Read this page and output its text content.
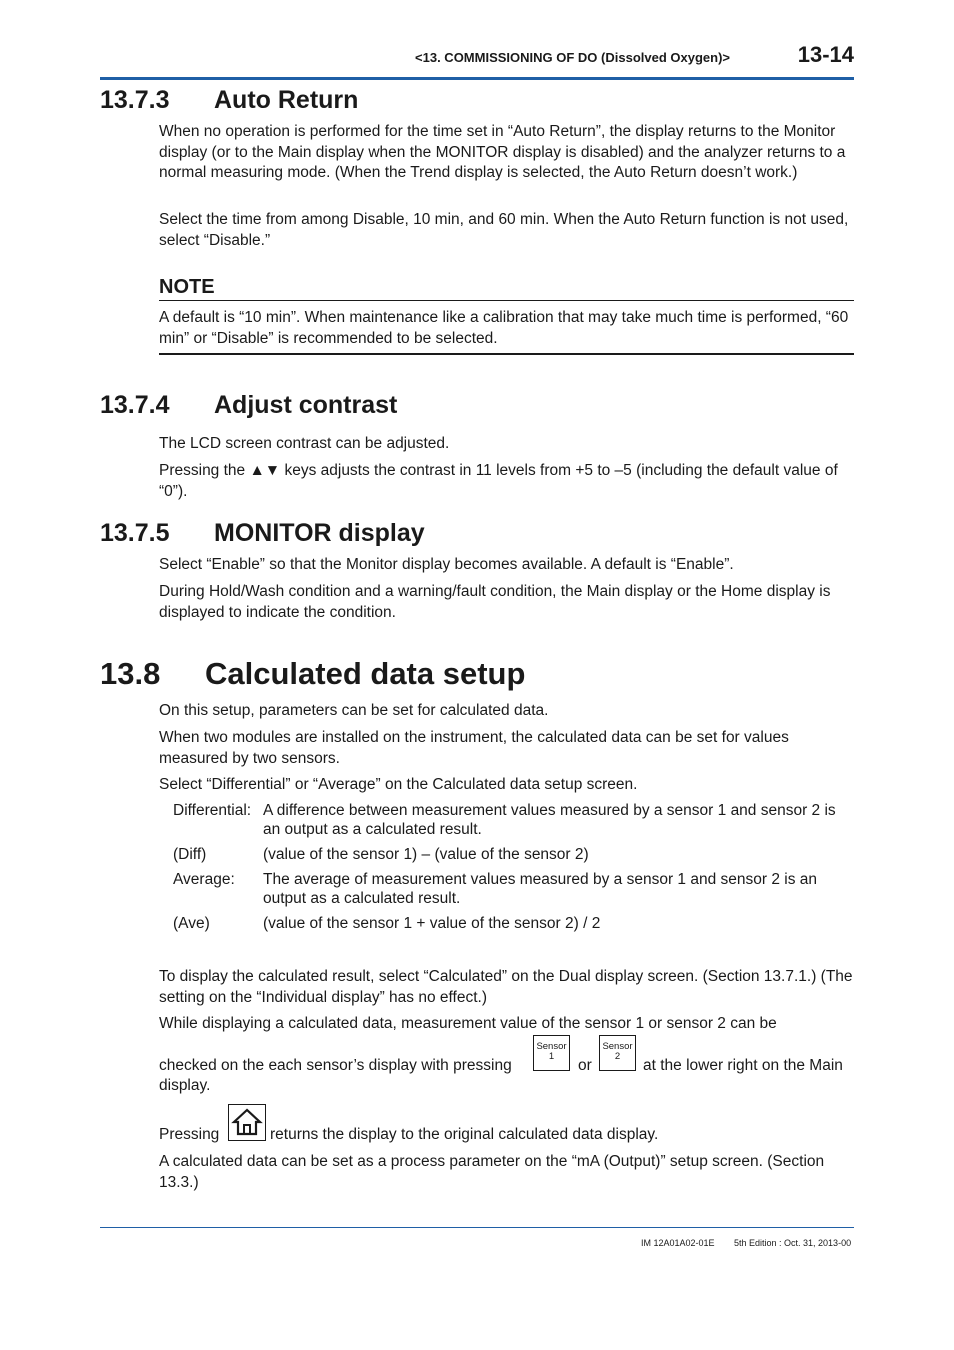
<13. COMMISSIONING OF DO (Dissolved Oxygen)>	13-14
13.7.3 Auto Return

When no operation is performed for the time set in “Auto Return”, the display returns to the Monitor display (or to the Main display when the MONITOR display is disabled) and the analyzer returns to a normal measuring mode. (When the Trend display is selected, the Auto Return doesn’t work.)

Select the time from among Disable, 10 min, and 60 min. When the Auto Return function is not used, select “Disable.”

NOTE

A default is “10 min”. When maintenance like a calibration that may take much time is performed, “60 min” or “Disable” is recommended to be selected.

13.7.4 Adjust contrast

The LCD screen contrast can be adjusted.

Pressing the ▲▼ keys adjusts the contrast in 11 levels from +5 to –5 (including the default value of “0”).

13.7.5 MONITOR display

Select “Enable” so that the Monitor display becomes available. A default is “Enable”.

During Hold/Wash condition and a warning/fault condition, the Main display or the Home display is displayed to indicate the condition.

13.8 Calculated data setup

On this setup, parameters can be set for calculated data.

When two modules are installed on the instrument, the calculated data can be set for values measured by two sensors.

Select “Differential” or “Average” on the Calculated data setup screen.

Differential: A difference between measurement values measured by a sensor 1 and sensor 2 is an output as a calculated result.
(Diff)	(value of the sensor 1) – (value of the sensor 2)
Average: The average of measurement values measured by a sensor 1 and sensor 2 is an output as a calculated result.
(Ave)	(value of the sensor 1 + value of the sensor 2) / 2

To display the calculated result, select “Calculated” on the Dual display screen. (Section 13.7.1.) (The setting on the “Individual display” has no effect.)

While displaying a calculated data, measurement value of the sensor 1 or sensor 2 can be

checked on the each sensor’s display with pressing
Sensor
1
or
Sensor
2
at the lower right on the Main
display.
Pressing	returns the display to the original calculated data display.

A calculated data can be set as a process parameter on the “mA (Output)” setup screen. (Section 13.3.)

IM 12A01A02-01E 5th Edition : Oct. 31, 2013-00
